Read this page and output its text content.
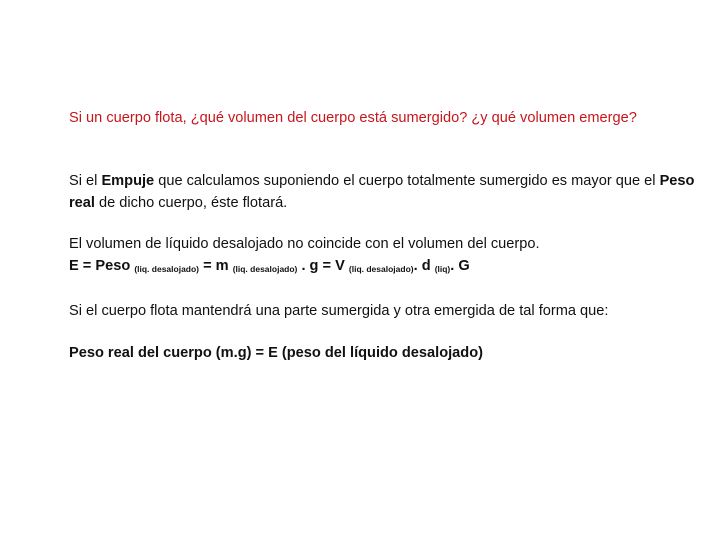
Si un cuerpo flota, ¿qué volumen del cuerpo está sumergido? ¿y qué volumen emerge?
Si el Empuje que calculamos suponiendo el cuerpo totalmente sumergido es mayor que el Peso real de dicho cuerpo, éste flotará.
El volumen de líquido desalojado no coincide con el volumen del cuerpo.
E = Peso $_{(liq. desalojado)}$ = m $_{(liq. desalojado)}$ . g = V $_{(liq. desalojado)}$. d $_{(liq)}$. G
Si el cuerpo flota mantendrá una parte sumergida y otra emergida de tal forma que:
Peso real del cuerpo (m.g) = E (peso del líquido desalojado)
